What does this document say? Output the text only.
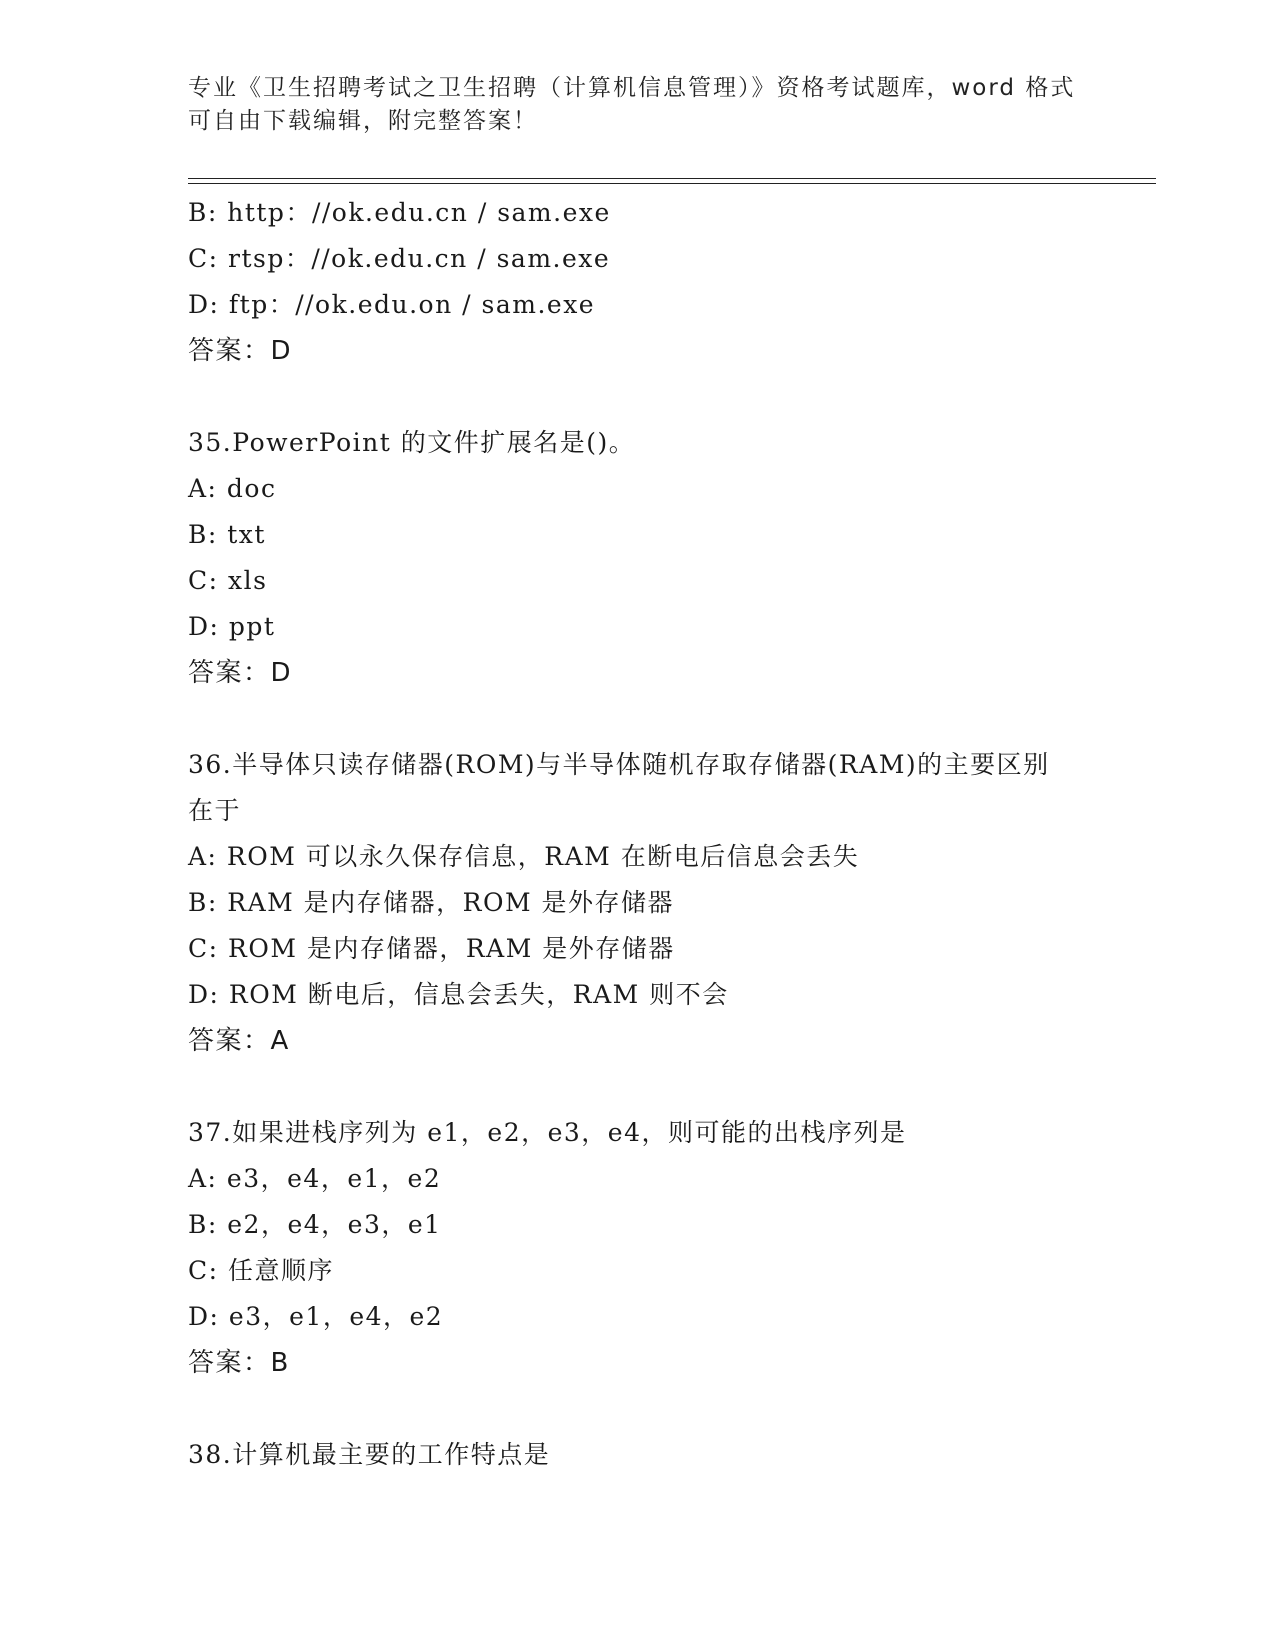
专业《卫生招聘考试之卫生招聘（计算机信息管理）》资格考试题库，word 格式
可自由下载编辑，附完整答案！
B: http：//ok.edu.cn / sam.exe
C: rtsp：//ok.edu.cn / sam.exe
D: ftp：//ok.edu.on / sam.exe
答案：D
35.PowerPoint 的文件扩展名是()。
A: doc
B: txt
C: xls
D: ppt
答案：D
36.半导体只读存储器(ROM)与半导体随机存取存储器(RAM)的主要区别
在于
A: ROM 可以永久保存信息，RAM 在断电后信息会丢失
B: RAM 是内存储器，ROM 是外存储器
C: ROM 是内存储器，RAM 是外存储器
D: ROM 断电后，信息会丢失，RAM 则不会
答案：A
37.如果进栈序列为 e1，e2，e3，e4，则可能的出栈序列是
A: e3，e4，e1，e2
B: e2，e4，e3，e1
C: 任意顺序
D: e3，e1，e4，e2
答案：B
38.计算机最主要的工作特点是
